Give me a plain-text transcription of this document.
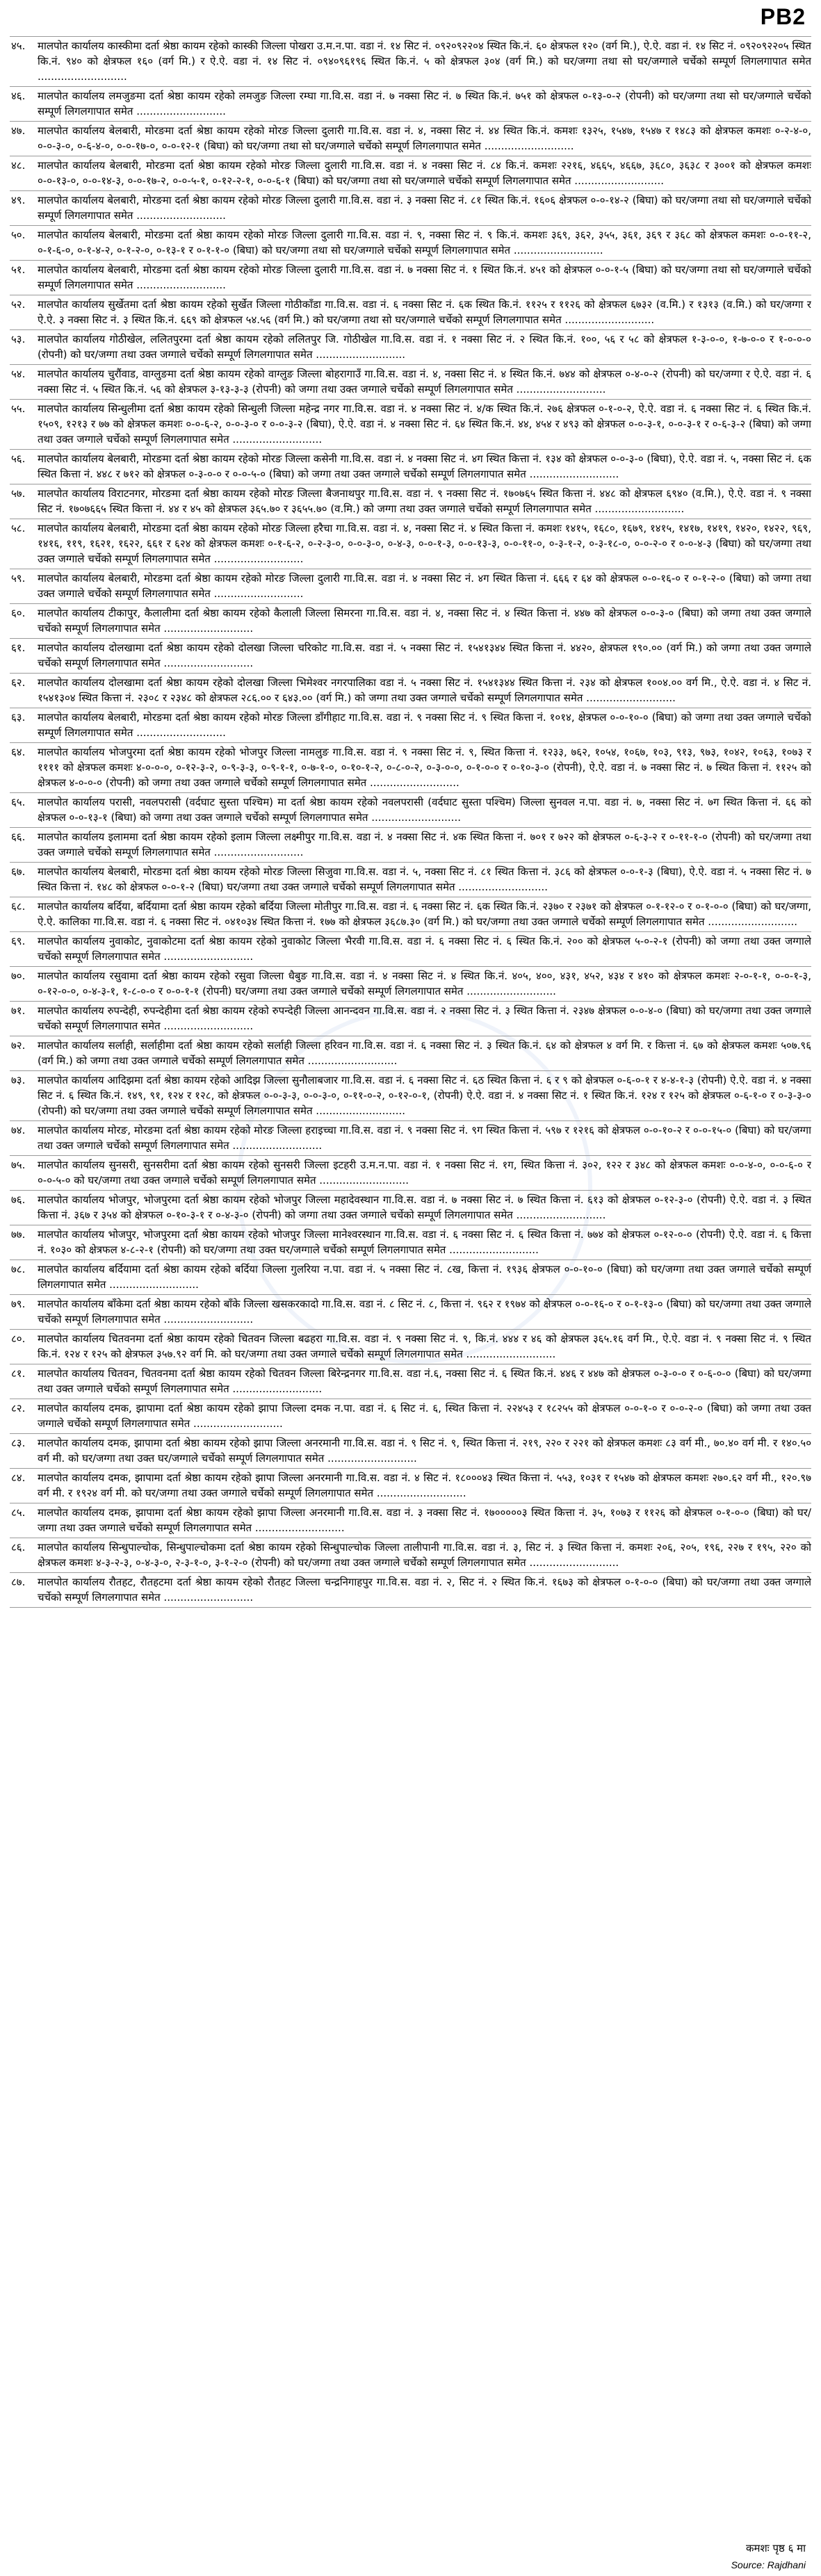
PB2
४५.	मालपोत कार्यालय कास्कीमा दर्ता श्रेष्ठा कायम रहेको कास्की जिल्ला पोखरा उ.म.न.पा. वडा नं. १४ सिट नं. ०९२०९२२०४ स्थित कि.नं. ६० क्षेत्रफल १२० (वर्ग मि.), ऐ.ऐ. वडा नं. १४ सिट नं. ०९२०९२२०५ स्थित कि.नं. ९४० को क्षेत्रफल १६० (वर्ग मि.) र ऐ.ऐ. वडा नं. १४ सिट नं. ०९४०९६१९६ स्थित कि.नं. ५ को क्षेत्रफल ३०४ (वर्ग मि.) को घर/जग्गा तथा सो घर/जग्गाले चर्चेको सम्पूर्ण लिगलगापात समेत ...........................
४६.	मालपोत कार्यालय लमजुङमा दर्ता श्रेष्ठा कायम रहेको लमजुङ जिल्ला रम्घा गा.वि.स. वडा नं. ७ नक्सा सिट नं. ७ स्थित कि.नं. ७५१ को क्षेत्रफल ०-१३-०-२ (रोपनी) को घर/जग्गा तथा सो घर/जग्गाले चर्चेको सम्पूर्ण लिगलगापात समेत ...........................
४७.	मालपोत कार्यालय बेलबारी, मोरङमा दर्ता श्रेष्ठा कायम रहेको मोरङ जिल्ला दुलारी गा.वि.स. वडा नं. ४, नक्सा सिट नं. ४४ स्थित कि.नं. कमशः १३२५, १५४७, १५४७ र १४८३ को क्षेत्रफल कमशः ०-२-४-०, ०-०-३-०, ०-६-४-०, ०-०-१७-०, ०-०-१२-१ (बिघा) को घर/जग्गा तथा सो घर/जग्गाले चर्चेको सम्पूर्ण लिगलगापात समेत ...........................
४८.	मालपोत कार्यालय बेलबारी, मोरङमा दर्ता श्रेष्ठा कायम रहेको मोरङ जिल्ला दुलारी गा.वि.स. वडा नं. ४ नक्सा सिट नं. ८४ कि.नं. कमशः २२१६, ४६६५, ४६६७, ३६८०, ३६३८ र ३००१ को क्षेत्रफल कमशः ०-०-१३-०, ०-०-१४-३, ०-०-१७-२, ०-०-५-१, ०-१२-२-१, ०-०-६-१ (बिघा) को घर/जग्गा तथा सो घर/जग्गाले चर्चेको सम्पूर्ण लिगलगापात समेत ...........................
४९.	मालपोत कार्यालय बेलबारी, मोरङमा दर्ता श्रेष्ठा कायम रहेको मोरङ जिल्ला दुलारी गा.वि.स. वडा नं. ३ नक्सा सिट नं. ८१ स्थित कि.नं. १६०६ क्षेत्रफल ०-०-१४-२ (बिघा) को घर/जग्गा तथा सो घर/जग्गाले चर्चेको सम्पूर्ण लिगलगापात समेत ...........................
५०.	मालपोत कार्यालय बेलबारी, मोरङमा दर्ता श्रेष्ठा कायम रहेको मोरङ जिल्ला दुलारी गा.वि.स. वडा नं. ९, नक्सा सिट नं. ९ कि.नं. कमशः ३६९, ३६२, ३५५, ३६१, ३६९ र ३६८ को क्षेत्रफल कमशः ०-०-११-२, ०-१-६-०, ०-१-४-२, ०-१-२-०, ०-१३-१ र ०-१-१-० (बिघा) को घर/जग्गा तथा सो घर/जग्गाले चर्चेको सम्पूर्ण लिगलगापात समेत ...........................
५१.	मालपोत कार्यालय बेलबारी, मोरङमा दर्ता श्रेष्ठा कायम रहेको मोरङ जिल्ला दुलारी गा.वि.स. वडा नं. ७ नक्सा सिट नं. १ स्थित कि.नं. ४५१ को क्षेत्रफल ०-०-१-५ (बिघा) को घर/जग्गा तथा सो घर/जग्गाले चर्चेको सम्पूर्ण लिगलगापात समेत ...........................
५२.	मालपोत कार्यालय सुर्खेतमा दर्ता श्रेष्ठा कायम रहेको सुर्खेत जिल्ला गोठीकाँडा गा.वि.स. वडा नं. ६ नक्सा सिट नं. ६क स्थित कि.नं. ११२५ र ११२६ को क्षेत्रफल ६७३२ (व.मि.) र १३१३ (व.मि.) को घर/जग्गा र ऐ.ऐ. ३ नक्सा सिट नं. ३ स्थित कि.नं. ६६९ को क्षेत्रफल ५४.५६ (वर्ग मि.) को घर/जग्गा तथा सो घर/जग्गाले चर्चेको सम्पूर्ण लिगलगापात समेत ...........................
५३.	मालपोत कार्यालय गोठीखेल, ललितपुरमा दर्ता श्रेष्ठा कायम रहेको ललितपुर जि. गोठीखेल गा.वि.स. वडा नं. १ नक्सा सिट नं. २ स्थित कि.नं. १००, ५६ र ५८ को क्षेत्रफल १-३-०-०, १-७-०-० र १-०-०-० (रोपनी) को घर/जग्गा तथा उक्त जग्गाले चर्चेको सम्पूर्ण लिगलगापात समेत ...........................
५४.	मालपोत कार्यालय चुरौंवाड, वाग्लुङमा दर्ता श्रेष्ठा कायम रहेको वाग्लुङ जिल्ला बोहरागाउँ गा.वि.स. वडा नं. ४, नक्सा सिट नं. ४ स्थित कि.नं. ७४४ को क्षेत्रफल ०-४-०-२ (रोपनी) को घर/जग्गा र ऐ.ऐ. वडा नं. ६ नक्सा सिट नं. ५ स्थित कि.नं. ५६ को क्षेत्रफल ३-१३-३-३ (रोपनी) को जग्गा तथा उक्त जग्गाले चर्चेको सम्पूर्ण लिगलगापात समेत ...........................
५५.	मालपोत कार्यालय सिन्धुलीमा दर्ता श्रेष्ठा कायम रहेको सिन्धुली जिल्ला महेन्द्र नगर गा.वि.स. वडा नं. ४ नक्सा सिट नं. ४/क स्थित कि.नं. २७६ क्षेत्रफल ०-१-०-२, ऐ.ऐ. वडा नं. ६ नक्सा सिट नं. ६ स्थित कि.नं. १५०९, १२१३ र ७७ को क्षेत्रफल कमशः ०-०-६-२, ०-०-३-० र ०-०-३-२ (बिघा), ऐ.ऐ. वडा नं. ४ नक्सा सिट नं. ६४ स्थित कि.नं. ४४, ४५४ र ४९३ को क्षेत्रफल ०-०-३-१, ०-०-३-१ र ०-६-३-२ (बिघा) को जग्गा तथा उक्त जग्गाले चर्चेको सम्पूर्ण लिगलगापात समेत ...........................
५६.	मालपोत कार्यालय बेलबारी, मोरङमा दर्ता श्रेष्ठा कायम रहेको मोरङ जिल्ला कसेनी गा.वि.स. वडा नं. ४ नक्सा सिट नं. ४ग स्थित कित्ता नं. १३४ को क्षेत्रफल ०-०-३-० (बिघा), ऐ.ऐ. वडा नं. ५, नक्सा सिट नं. ६क स्थित कित्ता नं. ४४८ र ७१२ को क्षेत्रफल ०-३-०-० र ०-०-५-० (बिघा) को जग्गा तथा उक्त जग्गाले चर्चेको सम्पूर्ण लिगलगापात समेत ...........................
५७.	मालपोत कार्यालय विराटनगर, मोरङमा दर्ता श्रेष्ठा कायम रहेको मोरङ जिल्ला बैजनाथपुर गा.वि.स. वडा नं. ९ नक्सा सिट नं. १७०७६५ स्थित कित्ता नं. ४४८ को क्षेत्रफल ६९४० (व.मि.), ऐ.ऐ. वडा नं. ९ नक्सा सिट नं. १७०७६६५ स्थित कित्ता नं. ४४ र ४५ को क्षेत्रफल ३६५.७० र ३६५५.७० (व.मि.) को जग्गा तथा उक्त जग्गाले चर्चेको सम्पूर्ण लिगलगापात समेत ...........................
५८.	मालपोत कार्यालय बेलबारी, मोरङमा दर्ता श्रेष्ठा कायम रहेको मोरङ जिल्ला हरैचा गा.वि.स. वडा नं. ४, नक्सा सिट नं. ४ स्थित कित्ता नं. कमशः १४१५, १६८०, १६७९, १४१५, १४१७, १४१९, १४२०, १४२२, ९६९, १४१६, ११९, १६२१, १६२२, ६६१ र ६२४ को क्षेत्रफल कमशः ०-१-६-२, ०-२-३-०, ०-०-३-०, ०-४-३, ०-०-१-३, ०-०-१३-३, ०-०-११-०, ०-३-१-२, ०-३-१८-०, ०-०-२-० र ०-०-४-३ (बिघा) को घर/जग्गा तथा उक्त जग्गाले चर्चेको सम्पूर्ण लिगलगापात समेत ...........................
५९.	मालपोत कार्यालय बेलबारी, मोरङमा दर्ता श्रेष्ठा कायम रहेको मोरङ जिल्ला दुलारी गा.वि.स. वडा नं. ४ नक्सा सिट नं. ४ग स्थित कित्ता नं. ६६६ र ६४ को क्षेत्रफल ०-०-१६-० र ०-१-२-० (बिघा) को जग्गा तथा उक्त जग्गाले चर्चेको सम्पूर्ण लिगलगापात समेत ...........................
६०.	मालपोत कार्यालय टीकापुर, कैलालीमा दर्ता श्रेष्ठा कायम रहेको कैलाली जिल्ला सिमरना गा.वि.स. वडा नं. ४, नक्सा सिट नं. ४ स्थित कित्ता नं. ४४७ को क्षेत्रफल ०-०-३-० (बिघा) को जग्गा तथा उक्त जग्गाले चर्चेको सम्पूर्ण लिगलगापात समेत ...........................
६१.	मालपोत कार्यालय दोलखामा दर्ता श्रेष्ठा कायम रहेको दोलखा जिल्ला चरिकोट गा.वि.स. वडा नं. ५ नक्सा सिट नं. १५४१३४४ स्थित कित्ता नं. ४४२०, क्षेत्रफल १९०.०० (वर्ग मि.) को जग्गा तथा उक्त जग्गाले चर्चेको सम्पूर्ण लिगलगापात समेत ...........................
६२.	मालपोत कार्यालय दोलखामा दर्ता श्रेष्ठा कायम रहेको दोलखा जिल्ला भिमेश्वर नगरपालिका वडा नं. ५ नक्सा सिट नं. १५४१३४४ स्थित कित्ता नं. २३४ को क्षेत्रफल १००४.०० वर्ग मि., ऐ.ऐ. वडा नं. ४ सिट नं. १५४१३०४ स्थित कित्ता नं. २३०८ र २३४८ को क्षेत्रफल २८६.०० र ६४३.०० (वर्ग मि.) को जग्गा तथा उक्त जग्गाले चर्चेको सम्पूर्ण लिगलगापात समेत ...........................
६३.	मालपोत कार्यालय बेलबारी, मोरङमा दर्ता श्रेष्ठा कायम रहेको मोरङ जिल्ला डाँगीहाट गा.वि.स. वडा नं. ९ नक्सा सिट नं. ९ स्थित कित्ता नं. १०१४, क्षेत्रफल ०-०-१०-० (बिघा) को जग्गा तथा उक्त जग्गाले चर्चेको सम्पूर्ण लिगलगापात समेत ...........................
६४.	मालपोत कार्यालय भोजपुरमा दर्ता श्रेष्ठा कायम रहेको भोजपुर जिल्ला नामलुङ गा.वि.स. वडा नं. ९ नक्सा सिट नं. ९, स्थित कित्ता नं. १२३३, ७६२, १०५४, १०६७, १०३, ९१३, ९७३, १०४२, १०६३, १०७३ र ११११ को क्षेत्रफल कमशः ४-०-०-०, ०-१२-३-२, ०-९-३-३, ०-९-१-१, ०-७-१-०, ०-१०-१-२, ०-८-०-२, ०-३-०-०, ०-१-०-० र ०-१०-३-० (रोपनी), ऐ.ऐ. वडा नं. ७ नक्सा सिट नं. ७ स्थित कित्ता नं. ११२५ को क्षेत्रफल ४-०-०-० (रोपनी) को जग्गा तथा उक्त जग्गाले चर्चेको सम्पूर्ण लिगलगापात समेत ...........................
६५.	मालपोत कार्यालय परासी, नवलपरासी (वर्दघाट सुस्ता पश्चिम) मा दर्ता श्रेष्ठा कायम रहेको नवलपरासी (वर्दघाट सुस्ता पश्चिम) जिल्ला सुनवल न.पा. वडा नं. ७, नक्सा सिट नं. ७ग स्थित कित्ता नं. ६६ को क्षेत्रफल ०-०-१३-१ (बिघा) को जग्गा तथा उक्त जग्गाले चर्चेको सम्पूर्ण लिगलगापात समेत ...........................
६६.	मालपोत कार्यालय इलाममा दर्ता श्रेष्ठा कायम रहेको इलाम जिल्ला लक्ष्मीपुर गा.वि.स. वडा नं. ४ नक्सा सिट नं. ४क स्थित कित्ता नं. ७०१ र ७२२ को क्षेत्रफल ०-६-३-२ र ०-११-१-० (रोपनी) को घर/जग्गा तथा उक्त जग्गाले चर्चेको सम्पूर्ण लिगलगापात समेत ...........................
६७.	मालपोत कार्यालय बेलबारी, मोरङमा दर्ता श्रेष्ठा कायम रहेको मोरङ जिल्ला सिजुवा गा.वि.स. वडा नं. ५, नक्सा सिट नं. ८१ स्थित कित्ता नं. ३८६ को क्षेत्रफल ०-०-१-३ (बिघा), ऐ.ऐ. वडा नं. ५ नक्सा सिट नं. ७ स्थित कित्ता नं. १४८ को क्षेत्रफल ०-०-१-२ (बिघा) घर/जग्गा तथा उक्त जग्गाले चर्चेको सम्पूर्ण लिगलगापात समेत ...........................
६८.	मालपोत कार्यालय बर्दिया, बर्दियामा दर्ता श्रेष्ठा कायम रहेको बर्दिया जिल्ला मोतीपुर गा.वि.स. वडा नं. ६ नक्सा सिट नं. ६क स्थित कि.नं. २३७० र २३७१ को क्षेत्रफल ०-१-१२-० र ०-१-०-० (बिघा) को घर/जग्गा, ऐ.ऐ. कालिका गा.वि.स. वडा नं. ६ नक्सा सिट नं. ०४१०३४ स्थित कित्ता नं. १७७ को क्षेत्रफल ३६८७.३० (वर्ग मि.) को घर/जग्गा तथा उक्त जग्गाले चर्चेको सम्पूर्ण लिगलगापात समेत ...........................
६९.	मालपोत कार्यालय नुवाकोट, नुवाकोटमा दर्ता श्रेष्ठा कायम रहेको नुवाकोट जिल्ला भैरवी गा.वि.स. वडा नं. ६ नक्सा सिट नं. ६ स्थित कि.नं. २०० को क्षेत्रफल ५-०-२-१ (रोपनी) को जग्गा तथा उक्त जग्गाले चर्चेको सम्पूर्ण लिगलगापात समेत ...........................
७०.	मालपोत कार्यालय रसुवामा दर्ता श्रेष्ठा कायम रहेको रसुवा जिल्ला धैबुङ गा.वि.स. वडा नं. ४ नक्सा सिट नं. ४ स्थित कि.नं. ४०५, ४००, ४३१, ४५२, ४३४ र ४१० को क्षेत्रफल कमशः २-०-१-१, ०-०-१-३, ०-१२-०-०, ०-४-३-१, १-८-०-० र ०-०-१-१ (रोपनी) घर/जग्गा तथा उक्त जग्गाले चर्चेको सम्पूर्ण लिगलगापात समेत ...........................
७१.	मालपोत कार्यालय रुपन्देही, रुपन्देहीमा दर्ता श्रेष्ठा कायम रहेको रुपन्देही जिल्ला आनन्दवन गा.वि.स. वडा नं. २ नक्सा सिट नं. ३ स्थित कित्ता नं. २३४७ क्षेत्रफल ०-०-४-० (बिघा) को घर/जग्गा तथा उक्त जग्गाले चर्चेको सम्पूर्ण लिगलगापात समेत ...........................
७२.	मालपोत कार्यालय सर्लाही, सर्लाहीमा दर्ता श्रेष्ठा कायम रहेको सर्लाही जिल्ला हरिवन गा.वि.स. वडा नं. ६ नक्सा सिट नं. ३ स्थित कि.नं. ६४ को क्षेत्रफल ४ वर्ग मि. र कित्ता नं. ६७ को क्षेत्रफल कमशः ५०७.९६ (वर्ग मि.) को जग्गा तथा उक्त जग्गाले चर्चेको सम्पूर्ण लिगलगापात समेत ...........................
७३.	मालपोत कार्यालय आदिझमा दर्ता श्रेष्ठा कायम रहेको आदिझ जिल्ला सुनौलाबजार गा.वि.स. वडा नं. ६ नक्सा सिट नं. ६ठ स्थित कित्ता नं. ६ र ९ को क्षेत्रफल ०-६-०-१ र ४-४-१-३ (रोपनी) ऐ.ऐ. वडा नं. ४ नक्सा सिट नं. ६ स्थित कि.नं. १४९, ९१, १२४ र १२८, को क्षेत्रफल ०-०-३-३, ०-०-३-०, ०-११-०-२, ०-१२-०-१, (रोपनी) ऐ.ऐ. वडा नं. ४ नक्सा सिट नं. १ स्थित कि.नं. १२४ र १२५ को क्षेत्रफल ०-६-१-० र ०-३-३-० (रोपनी) को घर/जग्गा तथा उक्त जग्गाले चर्चेको सम्पूर्ण लिगलगापात समेत ...........................
७४.	मालपोत कार्यालय मोरङ, मोरङमा दर्ता श्रेष्ठा कायम रहेको मोरङ जिल्ला हराइच्चा गा.वि.स. वडा नं. ९ नक्सा सिट नं. ९ग स्थित कित्ता नं. ५९७ र १२१६ को क्षेत्रफल ०-०-१०-२ र ०-०-१५-० (बिघा) को घर/जग्गा तथा उक्त जग्गाले चर्चेको सम्पूर्ण लिगलगापात समेत ...........................
७५.	मालपोत कार्यालय सुनसरी, सुनसरीमा दर्ता श्रेष्ठा कायम रहेको सुनसरी जिल्ला इटहरी उ.म.न.पा. वडा नं. १ नक्सा सिट नं. १ग, स्थित कित्ता नं. ३०२, १२२ र ३४८ को क्षेत्रफल कमशः ०-०-४-०, ०-०-६-० र ०-०-५-० को घर/जग्गा तथा उक्त जग्गाले चर्चेको सम्पूर्ण लिगलगापात समेत ...........................
७६.	मालपोत कार्यालय भोजपुर, भोजपुरमा दर्ता श्रेष्ठा कायम रहेको भोजपुर जिल्ला महादेवस्थान गा.वि.स. वडा नं. ७ नक्सा सिट नं. ७ स्थित कित्ता नं. ६१३ को क्षेत्रफल ०-१२-३-० (रोपनी) ऐ.ऐ. वडा नं. ३ स्थित कित्ता नं. ३६७ र ३५४ को क्षेत्रफल ०-१०-३-१ र ०-४-३-० (रोपनी) को जग्गा तथा उक्त जग्गाले चर्चेको सम्पूर्ण लिगलगापात समेत ...........................
७७.	मालपोत कार्यालय भोजपुर, भोजपुरमा दर्ता श्रेष्ठा कायम रहेको भोजपुर जिल्ला मानेश्वरस्थान गा.वि.स. वडा नं. ६ नक्सा सिट नं. ६ स्थित कित्ता नं. ७७४ को क्षेत्रफल ०-१२-०-० (रोपनी) ऐ.ऐ. वडा नं. ६ कित्ता नं. १०३० को क्षेत्रफल ४-८-२-१ (रोपनी) को घर/जग्गा तथा उक्त घर/जग्गाले चर्चेको सम्पूर्ण लिगलगापात समेत ...........................
७८.	मालपोत कार्यालय बर्दियामा दर्ता श्रेष्ठा कायम रहेको बर्दिया जिल्ला गुलरिया न.पा. वडा नं. ५ नक्सा सिट नं. ८ख, कित्ता नं. १९३६ क्षेत्रफल ०-०-१०-० (बिघा) को घर/जग्गा तथा उक्त जग्गाले चर्चेको सम्पूर्ण लिगलगापात समेत ...........................
७९.	मालपोत कार्यालय बाँकेमा दर्ता श्रेष्ठा कायम रहेको बाँके जिल्ला खसकरकादो गा.वि.स. वडा नं. ८ सिट नं. ८, कित्ता नं. ९६२ र १९७४ को क्षेत्रफल ०-०-१६-० र ०-१-१३-० (बिघा) को घर/जग्गा तथा उक्त जग्गाले चर्चेको सम्पूर्ण लिगलगापात समेत ...........................
८०.	मालपोत कार्यालय चितवनमा दर्ता श्रेष्ठा कायम रहेको चितवन जिल्ला बढहरा गा.वि.स. वडा नं. ९ नक्सा सिट नं. ९, कि.नं. ४४४ र ४६ को क्षेत्रफल ३६५.१६ वर्ग मि., ऐ.ऐ. वडा नं. ९ नक्सा सिट नं. ९ स्थित कि.नं. १२४ र १२५ को क्षेत्रफल ३५७.९२ वर्ग मि. को घर/जग्गा तथा उक्त जग्गाले चर्चेको सम्पूर्ण लिगलगापात समेत ...........................
८१.	मालपोत कार्यालय चितवन, चितवनमा दर्ता श्रेष्ठा कायम रहेको चितवन जिल्ला बिरेन्द्रनगर गा.वि.स. वडा नं.६, नक्सा सिट नं. ६ स्थित कि.नं. ४४६ र ४४७ को क्षेत्रफल ०-३-०-० र ०-६-०-० (बिघा) को घर/जग्गा तथा उक्त जग्गाले चर्चेको सम्पूर्ण लिगलगापात समेत ...........................
८२.	मालपोत कार्यालय दमक, झापामा दर्ता श्रेष्ठा कायम रहेको झापा जिल्ला दमक न.पा. वडा नं. ६ सिट नं. ६, स्थित कित्ता नं. २२४५३ र १८२५५ को क्षेत्रफल ०-०-१-० र ०-०-२-० (बिघा) को जग्गा तथा उक्त जग्गाले चर्चेको सम्पूर्ण लिगलगापात समेत ...........................
८३.	मालपोत कार्यालय दमक, झापामा दर्ता श्रेष्ठा कायम रहेको झापा जिल्ला अनरमानी गा.वि.स. वडा नं. ९ सिट नं. ९, स्थित कित्ता नं. २१९, २२० र २२१ को क्षेत्रफल कमशः ८३ वर्ग मी., ७०.४० वर्ग मी. र १४०.५० वर्ग मी. को घर/जग्गा तथा उक्त घर/जग्गाले चर्चेको सम्पूर्ण लिगलगापात समेत ...........................
८४.	मालपोत कार्यालय दमक, झापामा दर्ता श्रेष्ठा कायम रहेको झापा जिल्ला अनरमानी गा.वि.स. वडा नं. ४ सिट नं. १८०००४३ स्थित कित्ता नं. ५५३, १०३१ र १५४७ को क्षेत्रफल कमशः २७०.६२ वर्ग मी., १२०.९७ वर्ग मी. र १९२४ वर्ग मी. को घर/जग्गा तथा उक्त जग्गाले चर्चेको सम्पूर्ण लिगलगापात समेत ...........................
८५.	मालपोत कार्यालय दमक, झापामा दर्ता श्रेष्ठा कायम रहेको झापा जिल्ला अनरमानी गा.वि.स. वडा नं. ३ नक्सा सिट नं. १७०००००३ स्थित कित्ता नं. ३५, १०७३ र ११२६ को क्षेत्रफल ०-१-०-० (बिघा) को घर/जग्गा तथा उक्त जग्गाले चर्चेको सम्पूर्ण लिगलगापात समेत ...........................
८६.	मालपोत कार्यालय सिन्धुपाल्चोक, सिन्धुपाल्चोकमा दर्ता श्रेष्ठा कायम रहेको सिन्धुपाल्चोक जिल्ला तालीपानी गा.वि.स. वडा नं. ३, सिट नं. ३ स्थित कित्ता नं. कमशः २०६, २०५, १९६, २२७ र १९५, २२० को क्षेत्रफल कमशः ४-३-२-३, ०-४-३-०, २-३-१-०, ३-१-२-० (रोपनी) को घर/जग्गा तथा उक्त जग्गाले चर्चेको सम्पूर्ण लिगलगापात समेत ...........................
८७.	मालपोत कार्यालय रौतहट, रौतहटमा दर्ता श्रेष्ठा कायम रहेको रौतहट जिल्ला चन्द्रनिगाहपुर गा.वि.स. वडा नं. २, सिट नं. २ स्थित कि.नं. १६७३ को क्षेत्रफल ०-१-०-० (बिघा) को घर/जग्गा तथा उक्त जग्गाले चर्चेको सम्पूर्ण लिगलगापात समेत ...........................
कमशः पृष्ठ ६ मा
Source: Rajdhani
